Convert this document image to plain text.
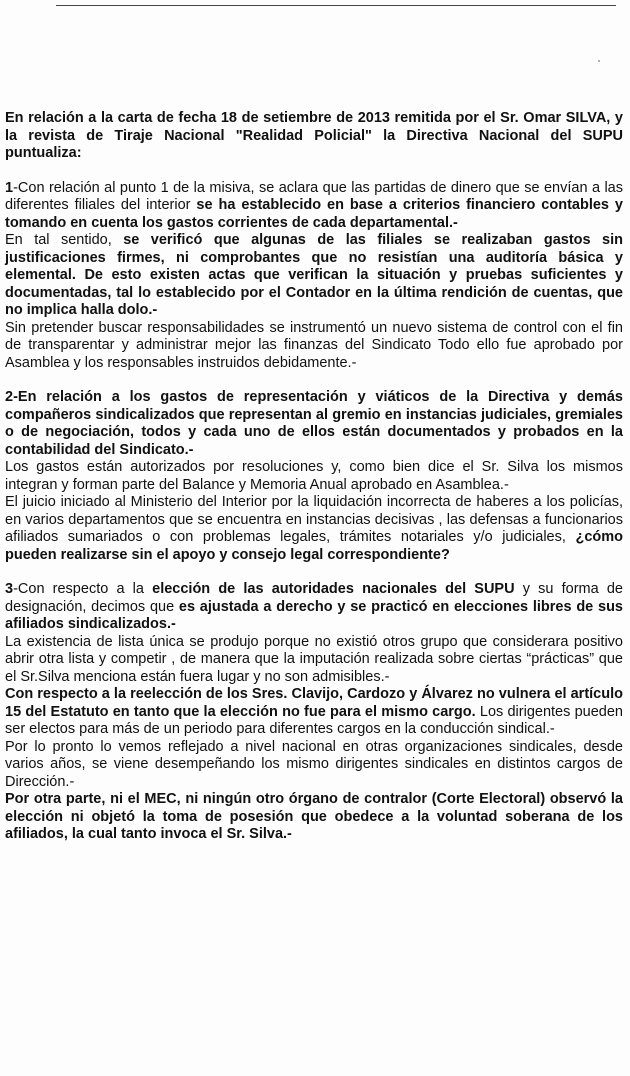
En relación a la carta de fecha 18 de setiembre de 2013 remitida por el Sr. Omar SILVA, y la revista de Tiraje Nacional "Realidad Policial" la Directiva Nacional del SUPU puntualiza:

1-Con relación al punto 1 de la misiva, se aclara que las partidas de dinero que se envían a las diferentes filiales del interior se ha establecido en base a criterios financiero contables y tomando en cuenta los gastos corrientes de cada departamental.-

En tal sentido, se verificó que algunas de las filiales se realizaban gastos sin justificaciones firmes, ni comprobantes que no resistían una auditoría básica y elemental. De esto existen actas que verifican la situación y pruebas suficientes y documentadas, tal lo establecido por el Contador en la última rendición de cuentas, que no implica halla dolo.-

Sin pretender buscar responsabilidades se instrumentó un nuevo sistema de control con el fin de transparentar y administrar mejor las finanzas del Sindicato Todo ello fue aprobado por Asamblea y los responsables instruidos debidamente.-

2-En relación a los gastos de representación y viáticos de la Directiva y demás compañeros sindicalizados que representan al gremio en instancias judiciales, gremiales o de negociación, todos y cada uno de ellos están documentados y probados en la contabilidad del Sindicato.-

Los gastos están autorizados por resoluciones y, como bien dice el Sr. Silva los mismos integran y forman parte del Balance y Memoria Anual aprobado en Asamblea.-

El juicio iniciado al Ministerio del Interior por la liquidación incorrecta de haberes a los policías, en varios departamentos que se encuentra en instancias decisivas , las defensas a funcionarios afiliados sumariados o con problemas legales, trámites notariales y/o judiciales, ¿cómo pueden realizarse sin el apoyo y consejo legal correspondiente?

3-Con respecto a la elección de las autoridades nacionales del SUPU y su forma de designación, decimos que es ajustada a derecho y se practicó en elecciones libres de sus afiliados sindicalizados.-

La existencia de lista única se produjo porque no existió otros grupo que considerara positivo abrir otra lista y competir , de manera que la imputación realizada sobre ciertas “prácticas” que el Sr.Silva menciona están fuera lugar y no son admisibles.-

Con respecto a la reelección de los Sres. Clavijo, Cardozo y Álvarez no vulnera el artículo 15 del Estatuto en tanto que la elección no fue para el mismo cargo. Los dirigentes pueden ser electos para más de un periodo para diferentes cargos en la conducción sindical.-

Por lo pronto lo vemos reflejado a nivel nacional en otras organizaciones sindicales, desde varios años, se viene desempeñando los mismo dirigentes sindicales en distintos cargos de Dirección.-

Por otra parte, ni el MEC, ni ningún otro órgano de contralor (Corte Electoral) observó la elección ni objetó la toma de posesión que obedece a la voluntad soberana de los afiliados, la cual tanto invoca el Sr. Silva.-
